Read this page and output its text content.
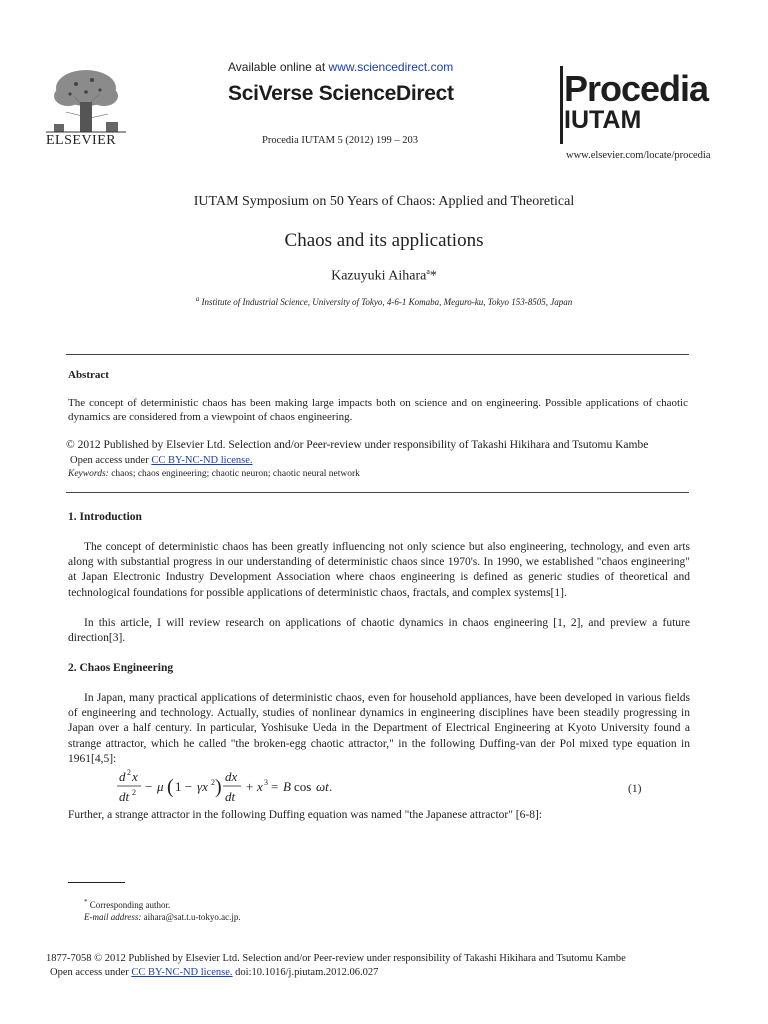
ELSEVIER
Available online at www.sciencedirect.com
SciVerse ScienceDirect
Procedia IUTAM 5 (2012) 199 – 203
Procedia
IUTAM
www.elsevier.com/locate/procedia
IUTAM Symposium on 50 Years of Chaos: Applied and Theoretical
Chaos and its applications
Kazuyuki Aihara$^a$*
$^a$ Institute of Industrial Science, University of Tokyo, 4-6-1 Komaba, Meguro-ku, Tokyo 153-8505, Japan
Abstract
The concept of deterministic chaos has been making large impacts both on science and on engineering. Possible applications of chaotic dynamics are considered from a viewpoint of chaos engineering.
© 2012 Published by Elsevier Ltd. Selection and/or Peer-review under responsibility of Takashi Hikihara and Tsutomu Kambe
Open access under CC BY-NC-ND license.
Keywords: chaos; chaos engineering; chaotic neuron; chaotic neural network
1. Introduction
The concept of deterministic chaos has been greatly influencing not only science but also engineering, technology, and even arts along with substantial progress in our understanding of deterministic chaos since 1970's. In 1990, we established "chaos engineering" at Japan Electronic Industry Development Association where chaos engineering is defined as generic studies of theoretical and technological foundations for possible applications of deterministic chaos, fractals, and complex systems[1].
In this article, I will review research on applications of chaotic dynamics in chaos engineering [1, 2], and preview a future direction[3].
2. Chaos Engineering
In Japan, many practical applications of deterministic chaos, even for household appliances, have been developed in various fields of engineering and technology. Actually, studies of nonlinear dynamics in engineering disciplines have been steadily progressing in Japan over a half century. In particular, Yoshisuke Ueda in the Department of Electrical Engineering at Kyoto University found a strange attractor, which he called "the broken-egg chaotic attractor," in the following Duffing-van der Pol mixed type equation in 1961[4,5]:
d 2 x
dt 2 − μ ( 1 − γx 2 ) dx
dt
+ x 3 = B cos ωt .	(1)
Further, a strange attractor in the following Duffing equation was named "the Japanese attractor" [6-8]:
* Corresponding author.
E-mail address: aihara@sat.t.u-tokyo.ac.jp.
1877-7058 © 2012 Published by Elsevier Ltd. Selection and/or Peer-review under responsibility of Takashi Hikihara and Tsutomu Kambe
Open access under CC BY-NC-ND license. doi:10.1016/j.piutam.2012.06.027
